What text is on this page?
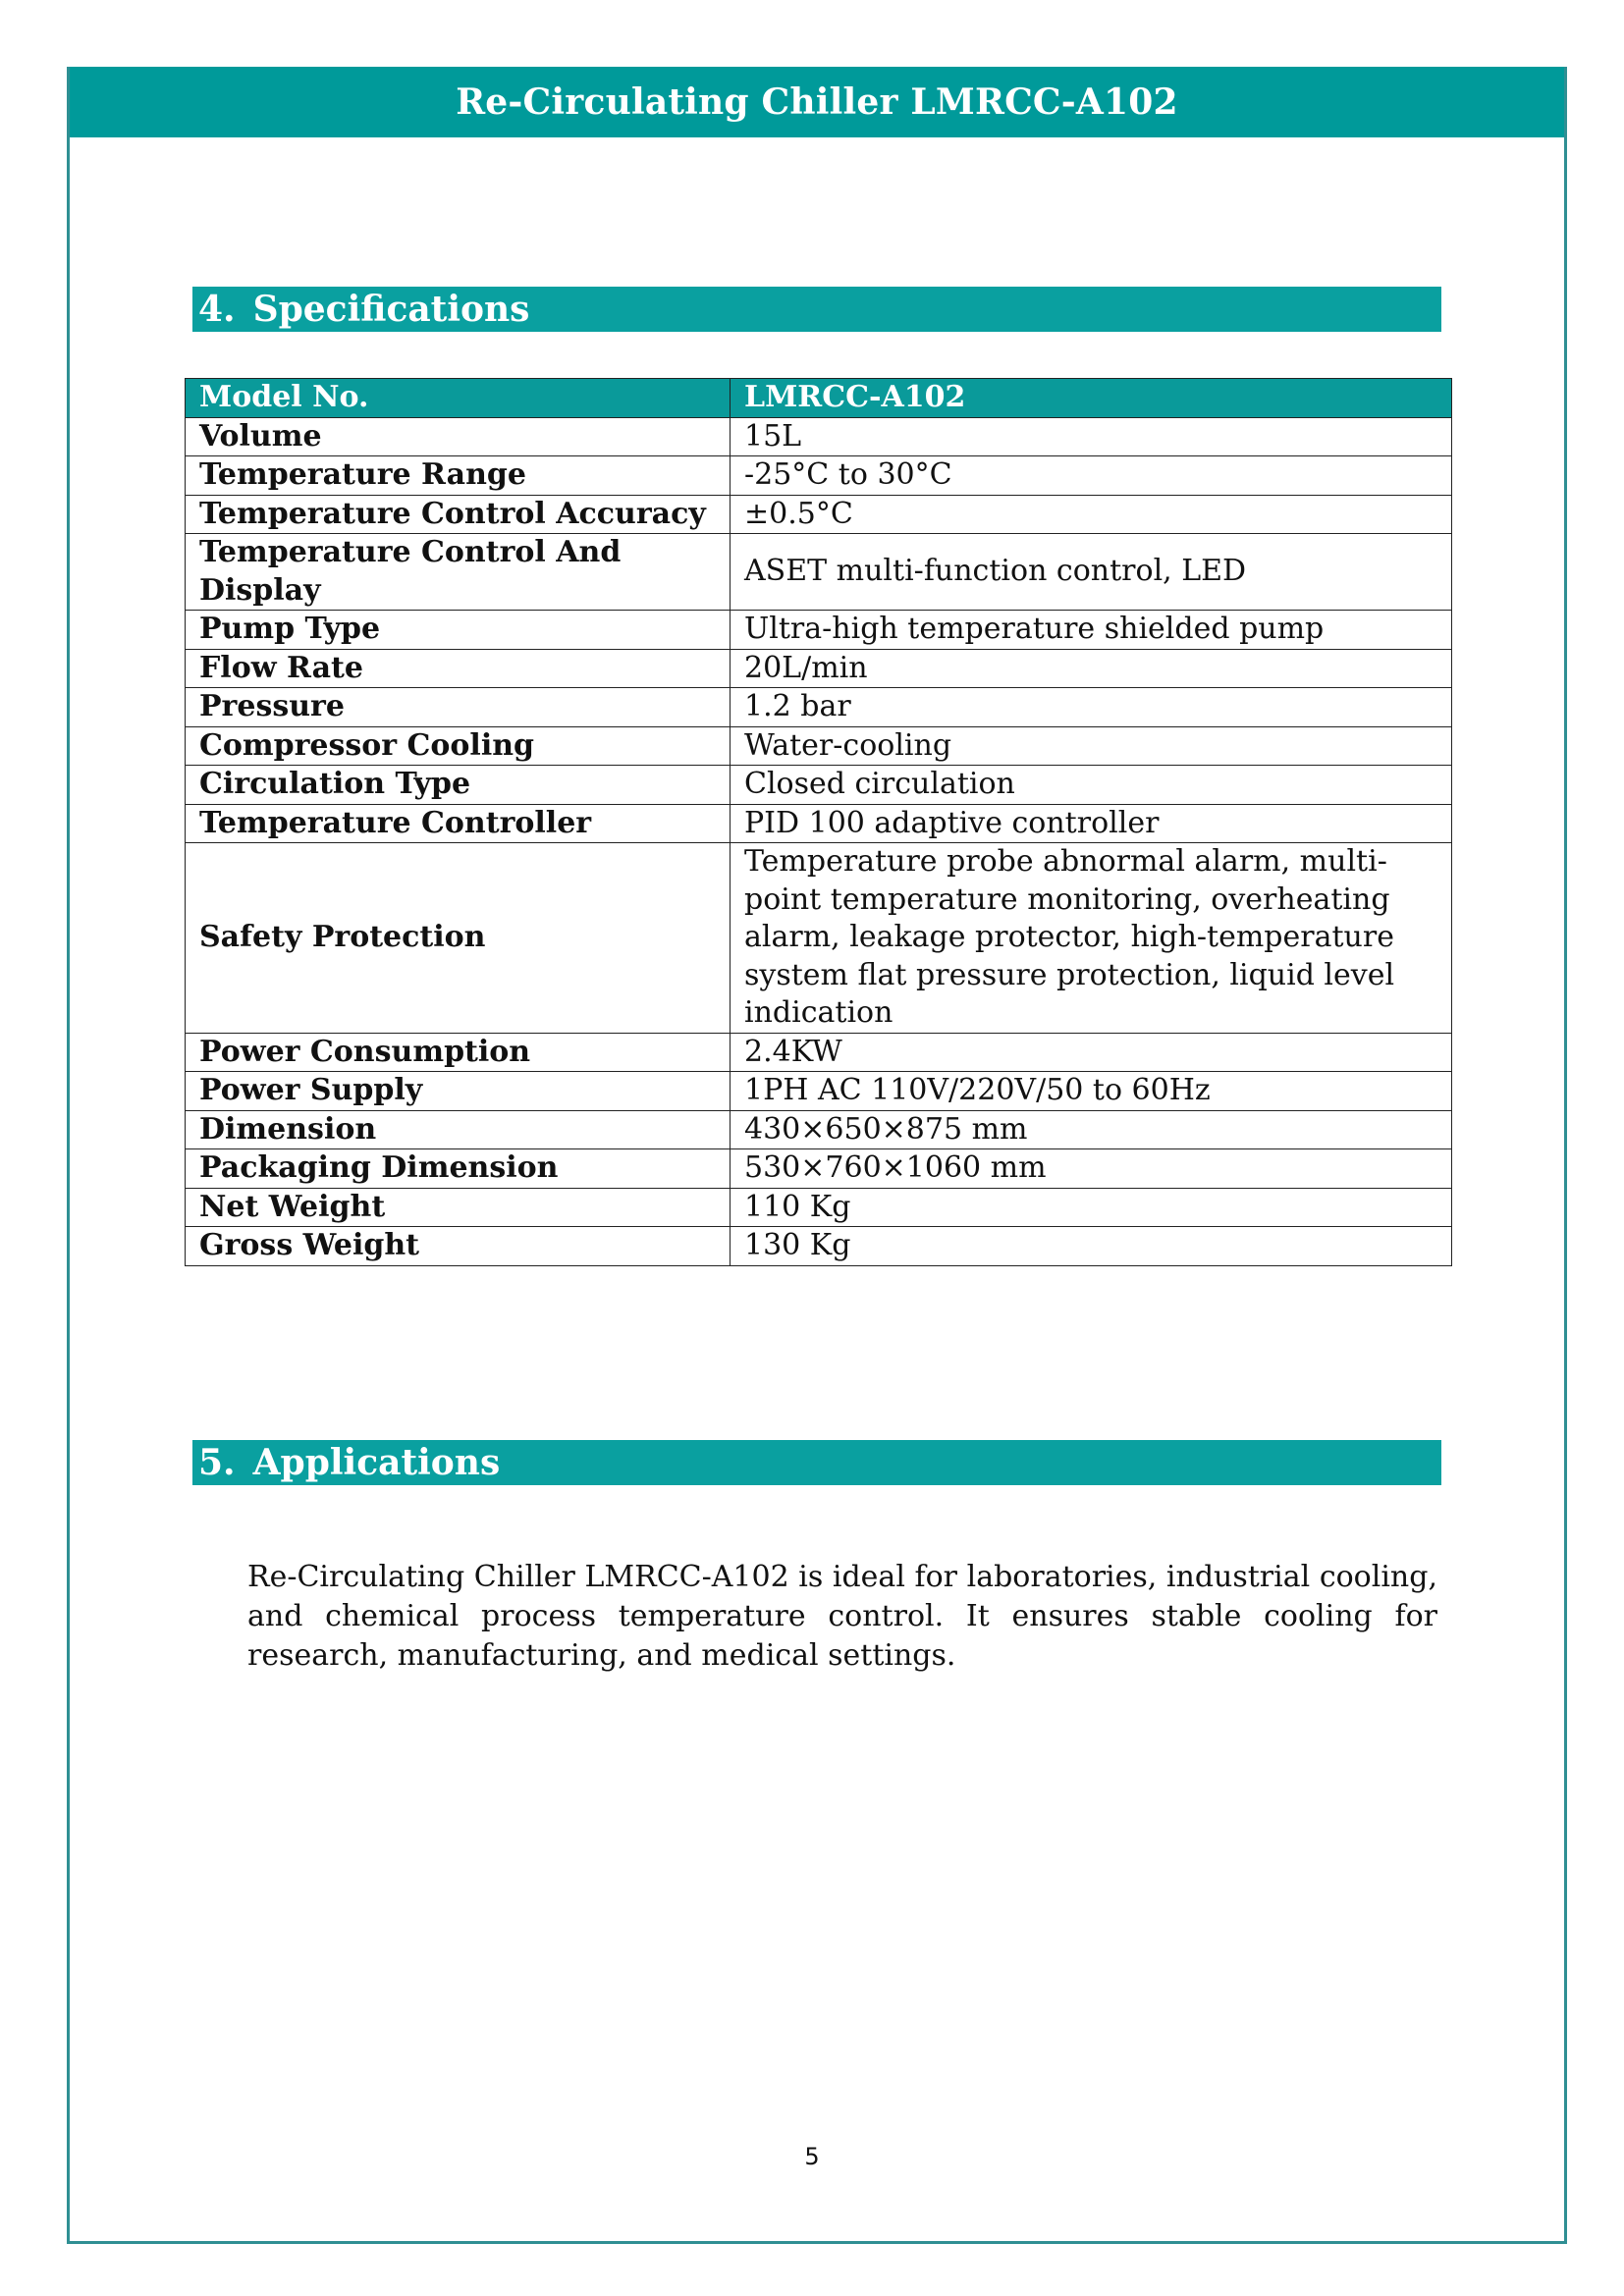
Re-Circulating Chiller LMRCC-A102
4. Specifications
Model No.	LMRCC-A102
Volume	15L
Temperature Range	-25°C to 30°C
Temperature Control Accuracy	±0.5°C
Temperature Control And Display	ASET multi-function control, LED
Pump Type	Ultra-high temperature shielded pump
Flow Rate	20L/min
Pressure	1.2 bar
Compressor Cooling	Water-cooling
Circulation Type	Closed circulation
Temperature Controller	PID 100 adaptive controller
Safety Protection	Temperature probe abnormal alarm, multi-point temperature monitoring, overheating alarm, leakage protector, high-temperature system flat pressure protection, liquid level indication
Power Consumption	2.4KW
Power Supply	1PH AC 110V/220V/50 to 60Hz
Dimension	430×650×875 mm
Packaging Dimension	530×760×1060 mm
Net Weight	110 Kg
Gross Weight	130 Kg
5. Applications

Re-Circulating Chiller LMRCC-A102 is ideal for laboratories, industrial cooling, and chemical process temperature control. It ensures stable cooling for research, manufacturing, and medical settings.

5
